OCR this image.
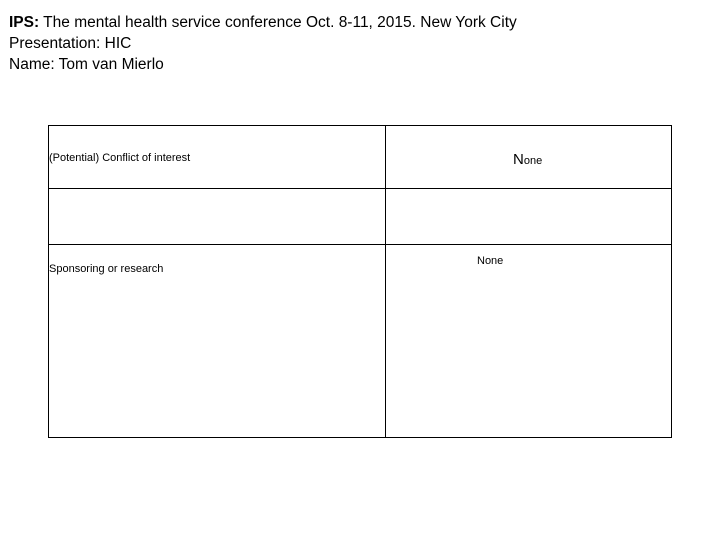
IPS: The mental health service conference Oct. 8-11, 2015. New York City
Presentation: HIC
Name: Tom van Mierlo
(Potential) Conflict of interest	None
Sponsoring or research
None
